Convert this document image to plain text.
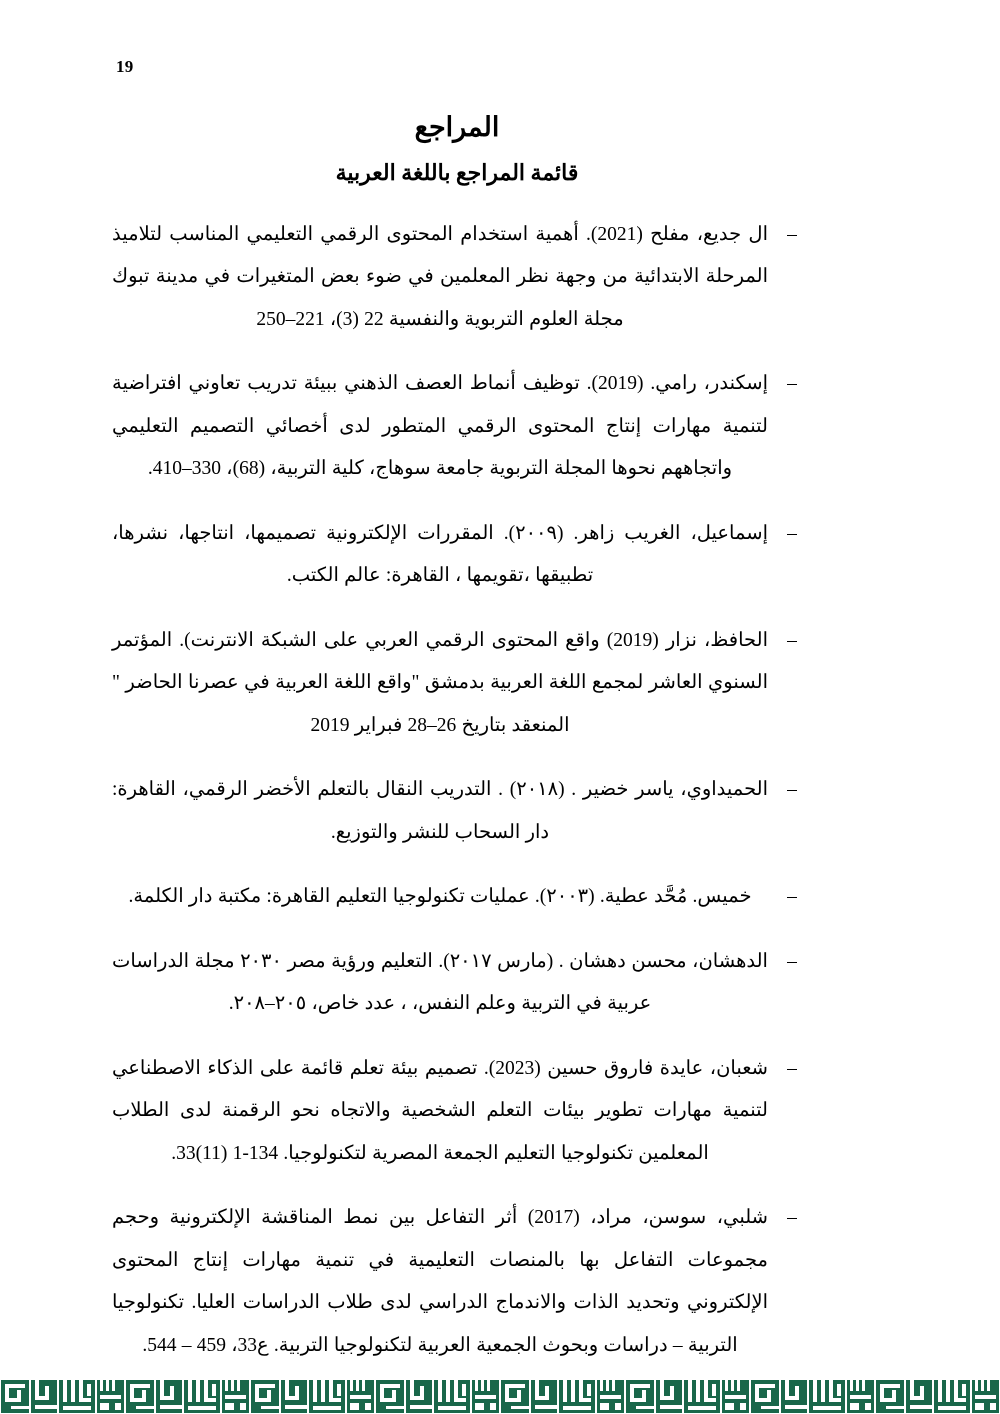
19
المراجع
قائمة المراجع باللغة العربية
–
ال جديع، مفلح (2021). أهمية استخدام المحتوى الرقمي التعليمي المناسب لتلاميذ المرحلة الابتدائية من وجهة نظر المعلمين في ضوء بعض المتغيرات في مدينة تبوك مجلة العلوم التربوية والنفسية 22 (3)، 221–250
–
إسكندر، رامي. (2019). توظيف أنماط العصف الذهني ببيئة تدريب تعاوني افتراضية لتنمية مهارات إنتاج المحتوى الرقمي المتطور لدى أخصائي التصميم التعليمي واتجاههم نحوها المجلة التربوية جامعة سوهاج، كلية التربية، (68)، 330–410.
–
إسماعيل، الغريب زاهر. (٢٠٠٩). المقررات الإلكترونية تصميمها، انتاجها، نشرها، تطبيقها ،تقويمها ، القاهرة: عالم الكتب.
–
الحافظ، نزار (2019) واقع المحتوى الرقمي العربي على الشبكة الانترنت). المؤتمر السنوي العاشر لمجمع اللغة العربية بدمشق "واقع اللغة العربية في عصرنا الحاضر " المنعقد بتاريخ 26–28 فبراير 2019
–
الحميداوي، ياسر خضير . (٢٠١٨) . التدريب النقال بالتعلم الأخضر الرقمي، القاهرة: دار السحاب للنشر والتوزيع.
–
خميس. مُحَّد عطية. (٢٠٠٣). عمليات تكنولوجيا التعليم القاهرة: مكتبة دار الكلمة.
–
الدهشان، محسن دهشان . (مارس ٢٠١٧). التعليم ورؤية مصر ٢٠٣٠ مجلة الدراسات عربية في التربية وعلم النفس، ، عدد خاص، ٢٠٥–٢٠٨.
–
شعبان، عايدة فاروق حسين (2023). تصميم بيئة تعلم قائمة على الذكاء الاصطناعي لتنمية مهارات تطوير بيئات التعلم الشخصية والاتجاه نحو الرقمنة لدى الطلاب المعلمين تكنولوجيا التعليم الجمعة المصرية لتكنولوجيا. 134-1 (11)33.
–
شلبي، سوسن، مراد، (2017) أثر التفاعل بين نمط المناقشة الإلكترونية وحجم مجموعات التفاعل بها بالمنصات التعليمية في تنمية مهارات إنتاج المحتوى الإلكتروني وتحديد الذات والاندماج الدراسي لدى طلاب الدراسات العليا. تكنولوجيا التربية – دراسات وبحوث الجمعية العربية لتكنولوجيا التربية. ع33، 459 – 544.
